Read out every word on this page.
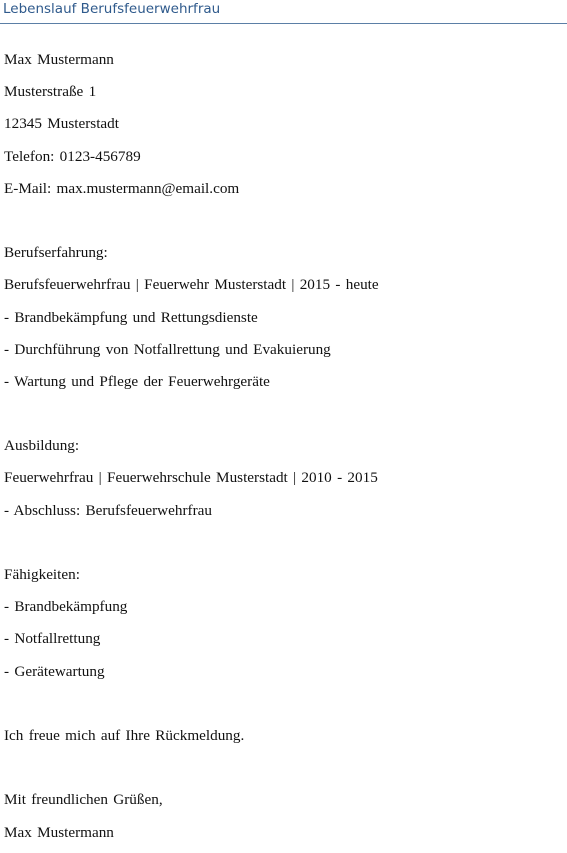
Lebenslauf Berufsfeuerwehrfrau
Max Mustermann
Musterstraße 1
12345 Musterstadt
Telefon: 0123-456789
E-Mail: max.mustermann@email.com
Berufserfahrung:
Berufsfeuerwehrfrau | Feuerwehr Musterstadt | 2015 - heute
- Brandbekämpfung und Rettungsdienste
- Durchführung von Notfallrettung und Evakuierung
- Wartung und Pflege der Feuerwehrgeräte
Ausbildung:
Feuerwehrfrau | Feuerwehrschule Musterstadt | 2010 - 2015
- Abschluss: Berufsfeuerwehrfrau
Fähigkeiten:
- Brandbekämpfung
- Notfallrettung
- Gerätewartung
Ich freue mich auf Ihre Rückmeldung.
Mit freundlichen Grüßen,
Max Mustermann
